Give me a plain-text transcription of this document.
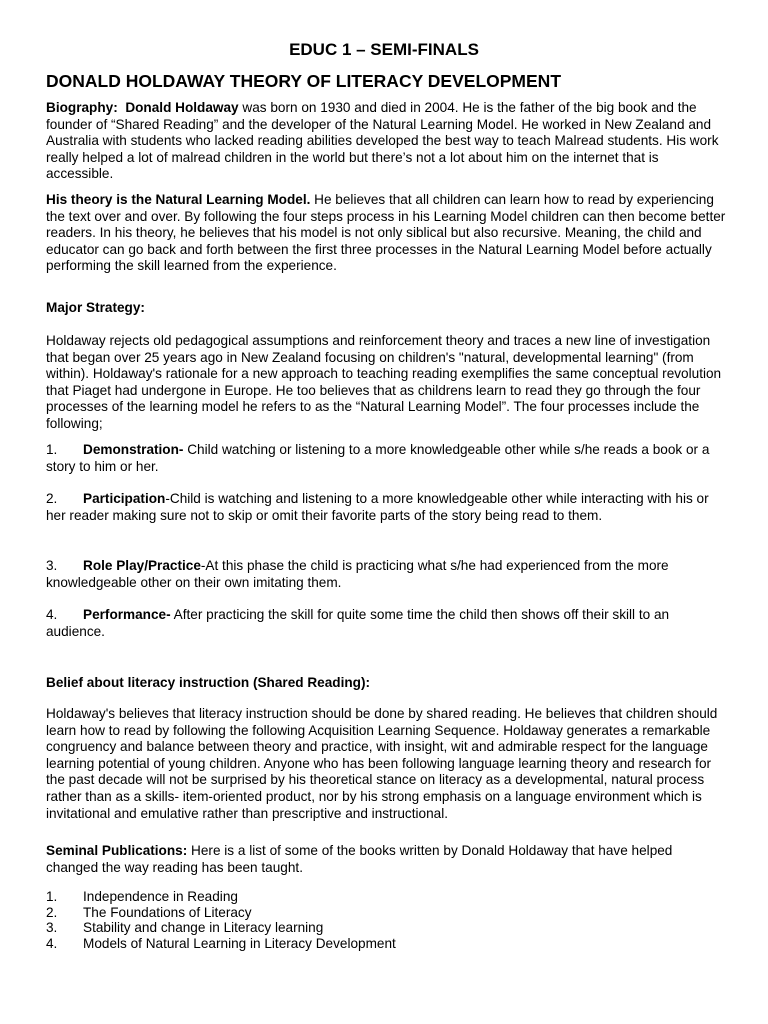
EDUC 1 – SEMI-FINALS
DONALD HOLDAWAY THEORY OF LITERACY DEVELOPMENT

Biography: Donald Holdaway was born on 1930 and died in 2004. He is the father of the big book and the founder of “Shared Reading” and the developer of the Natural Learning Model. He worked in New Zealand and Australia with students who lacked reading abilities developed the best way to teach Malread students. His work really helped a lot of malread children in the world but there’s not a lot about him on the internet that is accessible.

His theory is the Natural Learning Model. He believes that all children can learn how to read by experiencing the text over and over. By following the four steps process in his Learning Model children can then become better readers. In his theory, he believes that his model is not only siblical but also recursive. Meaning, the child and educator can go back and forth between the first three processes in the Natural Learning Model before actually performing the skill learned from the experience.

Major Strategy:

Holdaway rejects old pedagogical assumptions and reinforcement theory and traces a new line of investigation that began over 25 years ago in New Zealand focusing on children's "natural, developmental learning" (from within). Holdaway's rationale for a new approach to teaching reading exemplifies the same conceptual revolution that Piaget had undergone in Europe. He too believes that as childrens learn to read they go through the four processes of the learning model he refers to as the “Natural Learning Model”. The four processes include the following;

1. Demonstration- Child watching or listening to a more knowledgeable other while s/he reads a book or a story to him or her.

2. Participation-Child is watching and listening to a more knowledgeable other while interacting with his or her reader making sure not to skip or omit their favorite parts of the story being read to them.

3. Role Play/Practice-At this phase the child is practicing what s/he had experienced from the more knowledgeable other on their own imitating them.

4. Performance- After practicing the skill for quite some time the child then shows off their skill to an audience.

Belief about literacy instruction (Shared Reading):

Holdaway's believes that literacy instruction should be done by shared reading. He believes that children should learn how to read by following the following Acquisition Learning Sequence. Holdaway generates a remarkable congruency and balance between theory and practice, with insight, wit and admirable respect for the language learning potential of young children. Anyone who has been following language learning theory and research for the past decade will not be surprised by his theoretical stance on literacy as a developmental, natural process rather than as a skills- item-oriented product, nor by his strong emphasis on a language environment which is invitational and emulative rather than prescriptive and instructional.

Seminal Publications: Here is a list of some of the books written by Donald Holdaway that have helped changed the way reading has been taught.

1. Independence in Reading
2. The Foundations of Literacy
3. Stability and change in Literacy learning
4. Models of Natural Learning in Literacy Development
